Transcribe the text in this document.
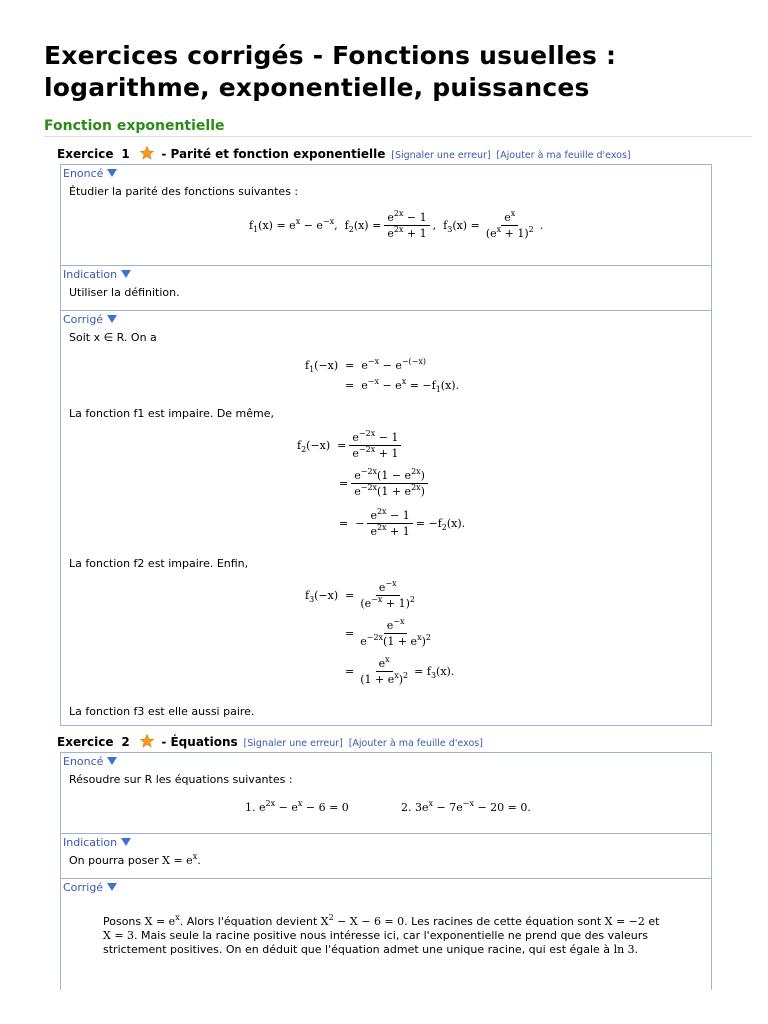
Exercices corrigés - Fonctions usuelles :
logarithme, exponentielle, puissances
Fonction exponentielle
Exercice 1	- Parité et fonction exponentielle [Signaler une erreur] [Ajouter à ma feuille d'exos]
Enoncé
Étudier la parité des fonctions suivantes :
$f_1(x) = e^x - e^{-x}$,  $f_2(x) = \frac{e^{2x} - 1}{e^{2x} + 1}$ ,  $f_3(x) = \frac{e^x}{(e^x + 1)^2}$ .
Indication
Utiliser la définition.
Corrigé
Soit x ∈ R. On a
$f_1(-x) = e^{-x} - e^{-(-x)}$
=  $e^{-x} - e^x = -f_1(x)$.
La fonction f1 est impaire. De même,
$f_2(-x) = \frac{e^{-2x} - 1}{e^{-2x} + 1}$
= $\frac{e^{-2x}(1 - e^{2x})}{e^{-2x}(1 + e^{2x})}$
=  − $\frac{e^{2x} - 1}{e^{2x} + 1} = -f_2(x)$.
La fonction f2 est impaire. Enfin,
$f_3(-x) = \frac{e^{-x}}{(e^{-x} + 1)^2}$
= $\frac{e^{-x}}{e^{-2x}(1 + e^x)^2}$
= $\frac{e^x}{(1 + e^x)^2} = f_3(x)$.
La fonction f3 est elle aussi paire.
Exercice 2	- Équations [Signaler une erreur] [Ajouter à ma feuille d'exos]
Enoncé
Résoudre sur R les équations suivantes :
1. $e^{2x} - e^x - 6 = 0$	2. $3e^x - 7e^{-x} - 20 = 0$.
Indication
On pourra poser $X = e^x$.
Corrigé
Posons $X = e^x$. Alors l'équation devient $X^2 - X - 6 = 0$. Les racines de cette équation sont X = −2 et
X = 3. Mais seule la racine positive nous intéresse ici, car l'exponentielle ne prend que des valeurs
strictement positives. On en déduit que l'équation admet une unique racine, qui est égale à ln 3.
